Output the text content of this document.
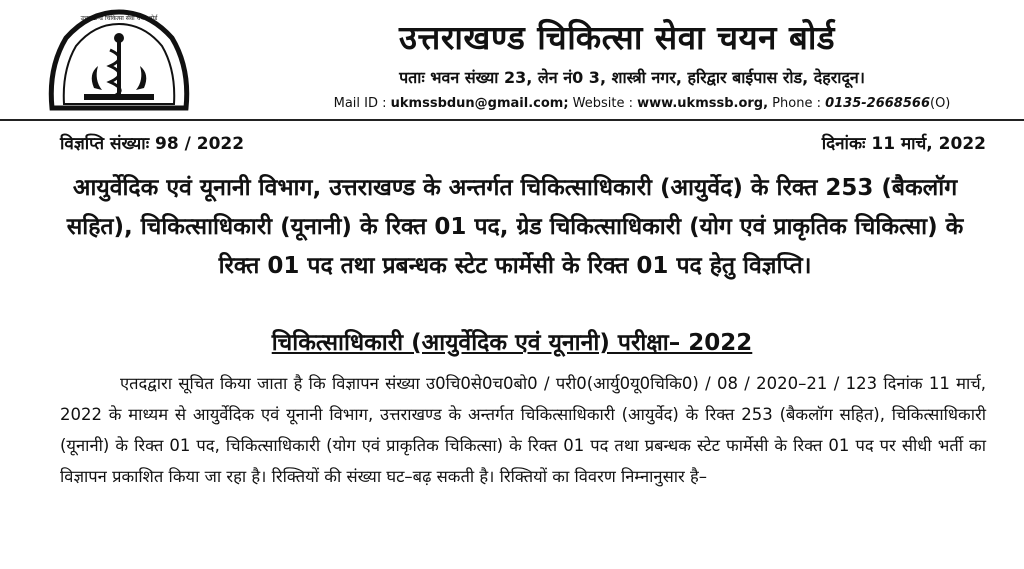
उत्तराखण्ड चिकित्सा सेवा चयन बोर्ड	उत्तराखण्ड चिकित्सा सेवा चयन बोर्ड
पताः भवन संख्या 23, लेन नं0 3, शास्त्री नगर, हरिद्वार बाईपास रोड, देहरादून।
Mail ID : ukmssbdun@gmail.com; Website : www.ukmssb.org, Phone : 0135-2668566(O)
विज्ञप्ति संख्याः 98 / 2022	दिनांकः 11 मार्च, 2022
आयुर्वेदिक एवं यूनानी विभाग, उत्तराखण्ड के अन्तर्गत चिकित्साधिकारी (आयुर्वेद) के रिक्त 253 (बैकलॉग सहित), चिकित्साधिकारी (यूनानी) के रिक्त 01 पद, ग्रेड चिकित्साधिकारी (योग एवं प्राकृतिक चिकित्सा) के रिक्त 01 पद तथा प्रबन्धक स्टेट फार्मेसी के रिक्त 01 पद हेतु विज्ञप्ति।
चिकित्साधिकारी (आयुर्वेदिक एवं यूनानी) परीक्षा– 2022

एतदद्वारा सूचित किया जाता है कि विज्ञापन संख्या उ0चि0से0च0बो0 / परी0(आर्यु0यू0चिकि0) / 08 / 2020–21 / 123 दिनांक 11 मार्च, 2022 के माध्यम से आयुर्वेदिक एवं यूनानी विभाग, उत्तराखण्ड के अन्तर्गत चिकित्साधिकारी (आयुर्वेद) के रिक्त 253 (बैकलॉग सहित), चिकित्साधिकारी (यूनानी) के रिक्त 01 पद, चिकित्साधिकारी (योग एवं प्राकृतिक चिकित्सा) के रिक्त 01 पद तथा प्रबन्धक स्टेट फार्मेसी के रिक्त 01 पद पर सीधी भर्ती का विज्ञापन प्रकाशित किया जा रहा है। रिक्तियों की संख्या घट–बढ़ सकती है। रिक्तियों का विवरण निम्नानुसार है–
